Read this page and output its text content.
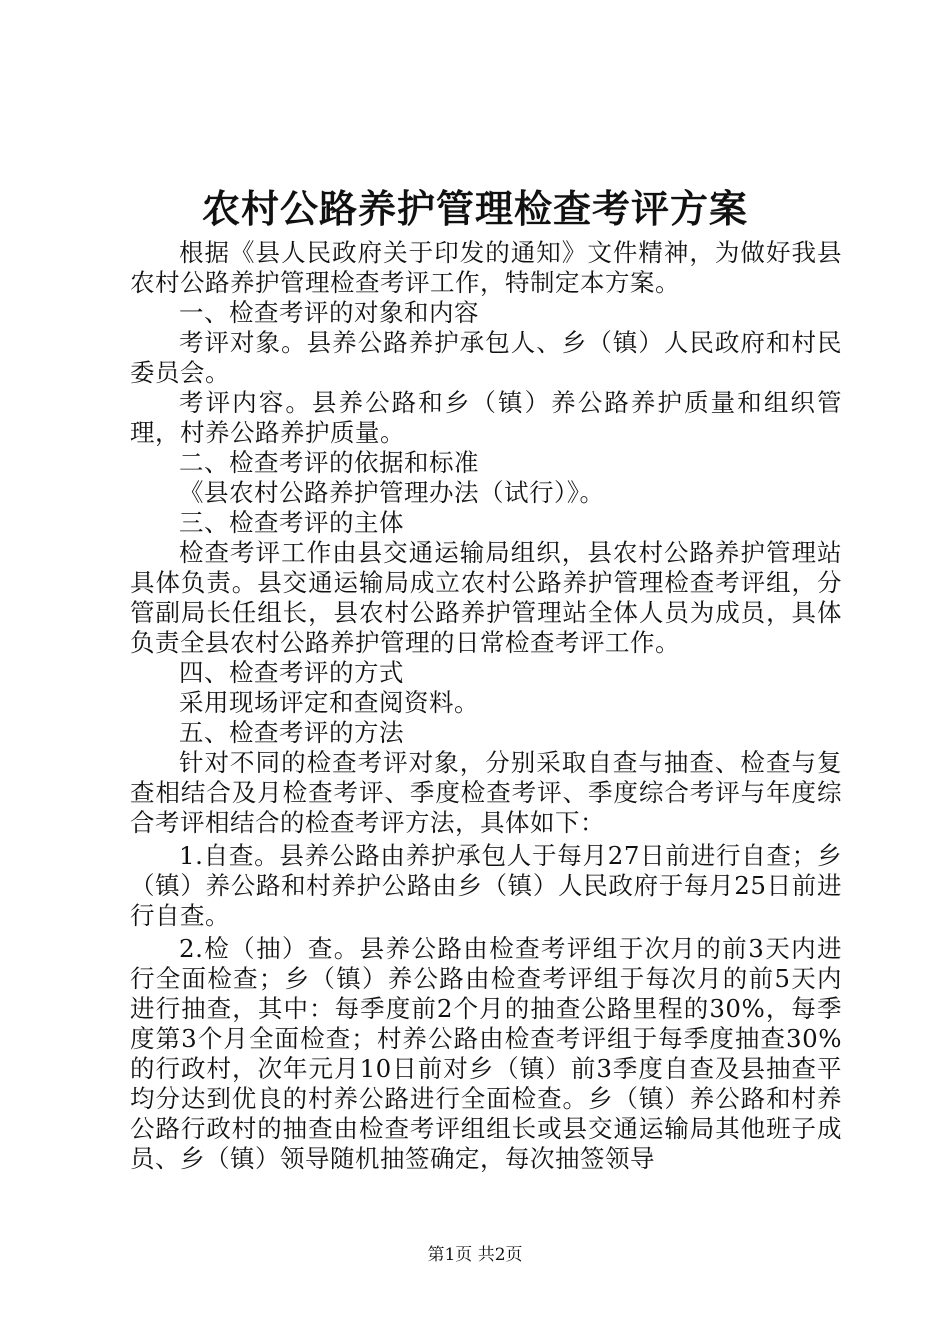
农村公路养护管理检查考评方案

根据《县人民政府关于印发的通知》文件精神，为做好我县农村公路养护管理检查考评工作，特制定本方案。

一、检查考评的对象和内容

考评对象。县养公路养护承包人、乡（镇）人民政府和村民委员会。

考评内容。县养公路和乡（镇）养公路养护质量和组织管理，村养公路养护质量。

二、检查考评的依据和标准

《县农村公路养护管理办法（试行）》。

三、检查考评的主体

检查考评工作由县交通运输局组织，县农村公路养护管理站具体负责。县交通运输局成立农村公路养护管理检查考评组，分管副局长任组长，县农村公路养护管理站全体人员为成员，具体负责全县农村公路养护管理的日常检查考评工作。

四、检查考评的方式

采用现场评定和查阅资料。

五、检查考评的方法

针对不同的检查考评对象，分别采取自查与抽查、检查与复查相结合及月检查考评、季度检查考评、季度综合考评与年度综合考评相结合的检查考评方法，具体如下：

1.自查。县养公路由养护承包人于每月27日前进行自查；乡（镇）养公路和村养护公路由乡（镇）人民政府于每月25日前进行自查。

2.检（抽）查。县养公路由检查考评组于次月的前3天内进行全面检查；乡（镇）养公路由检查考评组于每次月的前5天内进行抽查，其中：每季度前2个月的抽查公路里程的30%，每季度第3个月全面检查；村养公路由检查考评组于每季度抽查30%的行政村，次年元月10日前对乡（镇）前3季度自查及县抽查平均分达到优良的村养公路进行全面检查。乡（镇）养公路和村养公路行政村的抽查由检查考评组组长或县交通运输局其他班子成员、乡（镇）领导随机抽签确定，每次抽签领导

第1页 共2页
